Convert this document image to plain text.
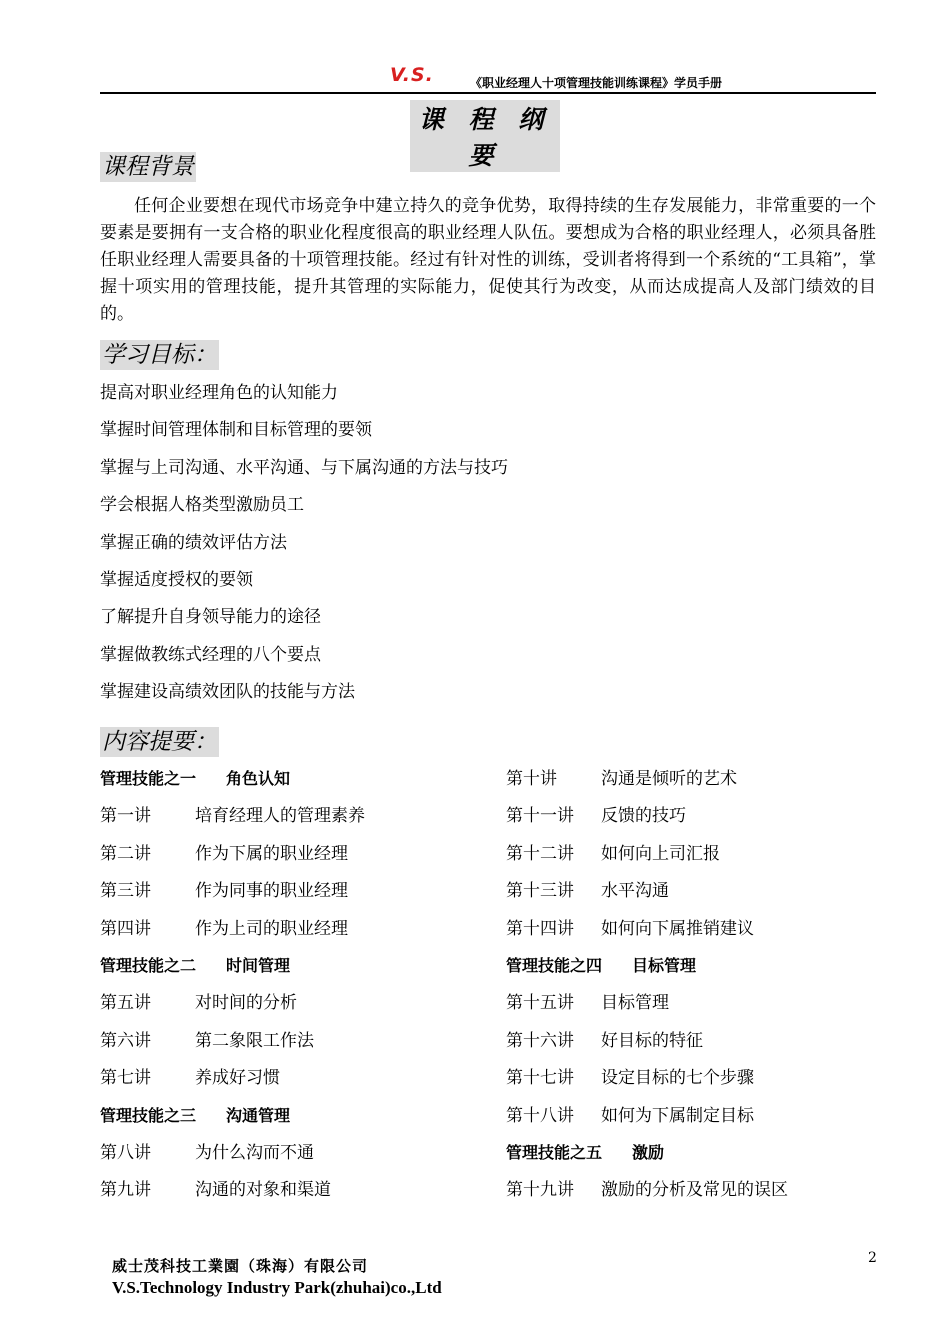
V.S.	《职业经理人十项管理技能训练课程》学员手册
课 程 纲 要
课程背景
任何企业要想在现代市场竞争中建立持久的竞争优势，取得持续的生存发展能力，非常重要的一个要素是要拥有一支合格的职业化程度很高的职业经理人队伍。要想成为合格的职业经理人，必须具备胜任职业经理人需要具备的十项管理技能。经过有针对性的训练，受训者将得到一个系统的“工具箱”，掌握十项实用的管理技能，提升其管理的实际能力，促使其行为改变，从而达成提高人及部门绩效的目的。
学习目标：
提高对职业经理角色的认知能力
掌握时间管理体制和目标管理的要领
掌握与上司沟通、水平沟通、与下属沟通的方法与技巧
学会根据人格类型激励员工
掌握正确的绩效评估方法
掌握适度授权的要领
了解提升自身领导能力的途径
掌握做教练式经理的八个要点
掌握建设高绩效团队的技能与方法
内容提要：
管理技能之一 角色认知
第一讲	培育经理人的管理素养
第二讲	作为下属的职业经理
第三讲	作为同事的职业经理
第四讲	作为上司的职业经理
管理技能之二 时间管理
第五讲	对时间的分析
第六讲	第二象限工作法
第七讲	养成好习惯
管理技能之三 沟通管理
第八讲	为什么沟而不通
第九讲	沟通的对象和渠道
第十讲	沟通是倾听的艺术
第十一讲 反馈的技巧
第十二讲 如何向上司汇报
第十三讲 水平沟通
第十四讲 如何向下属推销建议
管理技能之四 目标管理
第十五讲 目标管理
第十六讲 好目标的特征
第十七讲 设定目标的七个步骤
第十八讲 如何为下属制定目标
管理技能之五 激励
第十九讲 激励的分析及常见的误区
威士茂科技工業園（珠海）有限公司
V.S.Technology Industry Park(zhuhai)co.,Ltd
2
